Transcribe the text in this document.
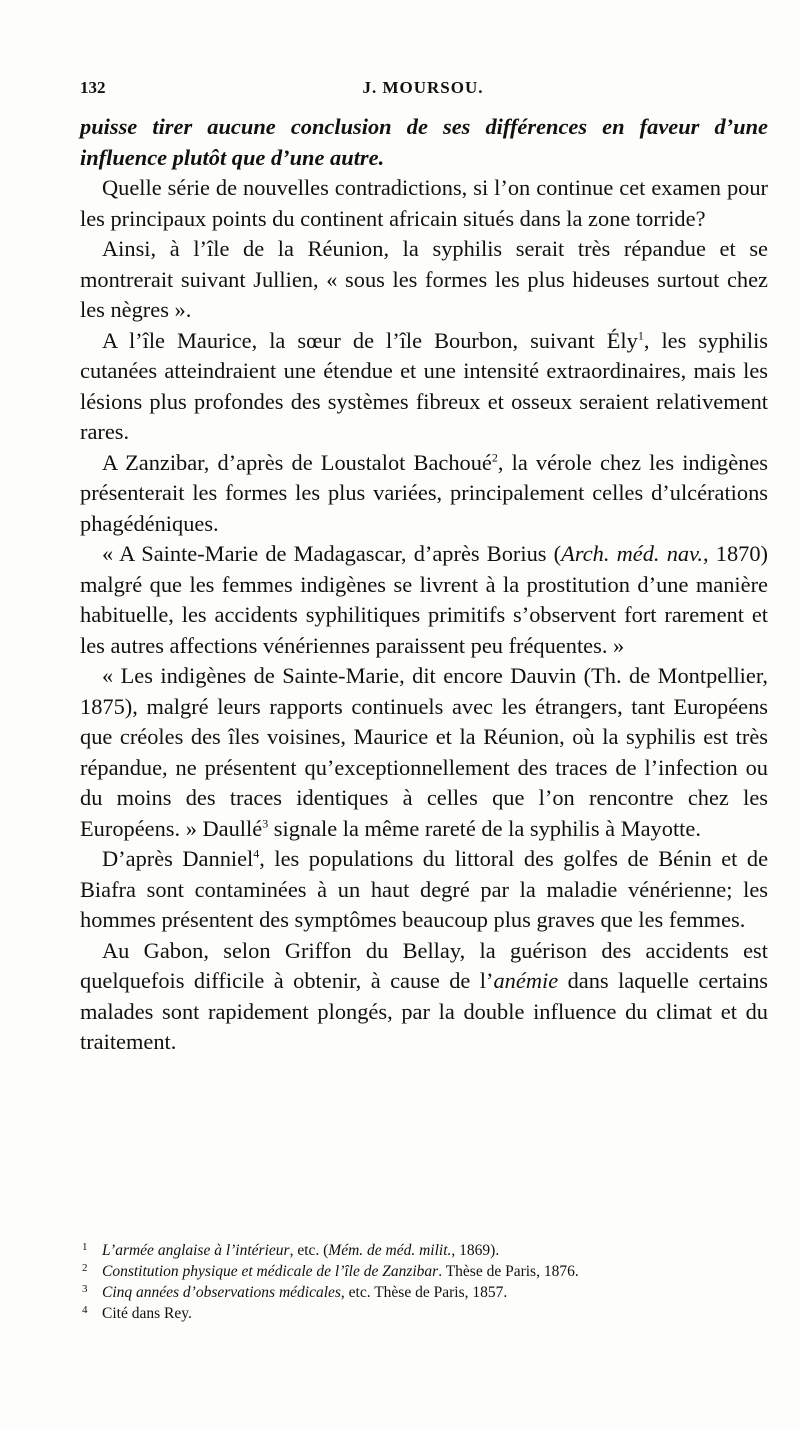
132	J. MOURSOU.

puisse tirer aucune conclusion de ses différences en faveur d’une influence plutôt que d’une autre.

Quelle série de nouvelles contradictions, si l’on continue cet examen pour les principaux points du continent africain situés dans la zone torride?

Ainsi, à l’île de la Réunion, la syphilis serait très répandue et se montrerait suivant Jullien, « sous les formes les plus hideuses surtout chez les nègres ».

A l’île Maurice, la sœur de l’île Bourbon, suivant Ély$^1$, les syphilis cutanées atteindraient une étendue et une intensité extraordinaires, mais les lésions plus profondes des systèmes fibreux et osseux seraient relativement rares.

A Zanzibar, d’après de Loustalot Bachoué$^2$, la vérole chez les indigènes présenterait les formes les plus variées, principalement celles d’ulcérations phagédéniques.

« A Sainte-Marie de Madagascar, d’après Borius (Arch. méd. nav., 1870) malgré que les femmes indigènes se livrent à la prostitution d’une manière habituelle, les accidents syphilitiques primitifs s’observent fort rarement et les autres affections vénériennes paraissent peu fréquentes. »

« Les indigènes de Sainte-Marie, dit encore Dauvin (Th. de Montpellier, 1875), malgré leurs rapports continuels avec les étrangers, tant Européens que créoles des îles voisines, Maurice et la Réunion, où la syphilis est très répandue, ne présentent qu’exceptionnellement des traces de l’infection ou du moins des traces identiques à celles que l’on rencontre chez les Européens. » Daullé$^3$ signale la même rareté de la syphilis à Mayotte.

D’après Danniel$^4$, les populations du littoral des golfes de Bénin et de Biafra sont contaminées à un haut degré par la maladie vénérienne; les hommes présentent des symptômes beaucoup plus graves que les femmes.

Au Gabon, selon Griffon du Bellay, la guérison des accidents est quelquefois difficile à obtenir, à cause de l’anémie dans laquelle certains malades sont rapidement plongés, par la double influence du climat et du traitement.

1 L’armée anglaise à l’intérieur, etc. (Mém. de méd. milit., 1869).
2 Constitution physique et médicale de l’île de Zanzibar. Thèse de Paris, 1876.
3 Cinq années d’observations médicales, etc. Thèse de Paris, 1857.
4 Cité dans Rey.
